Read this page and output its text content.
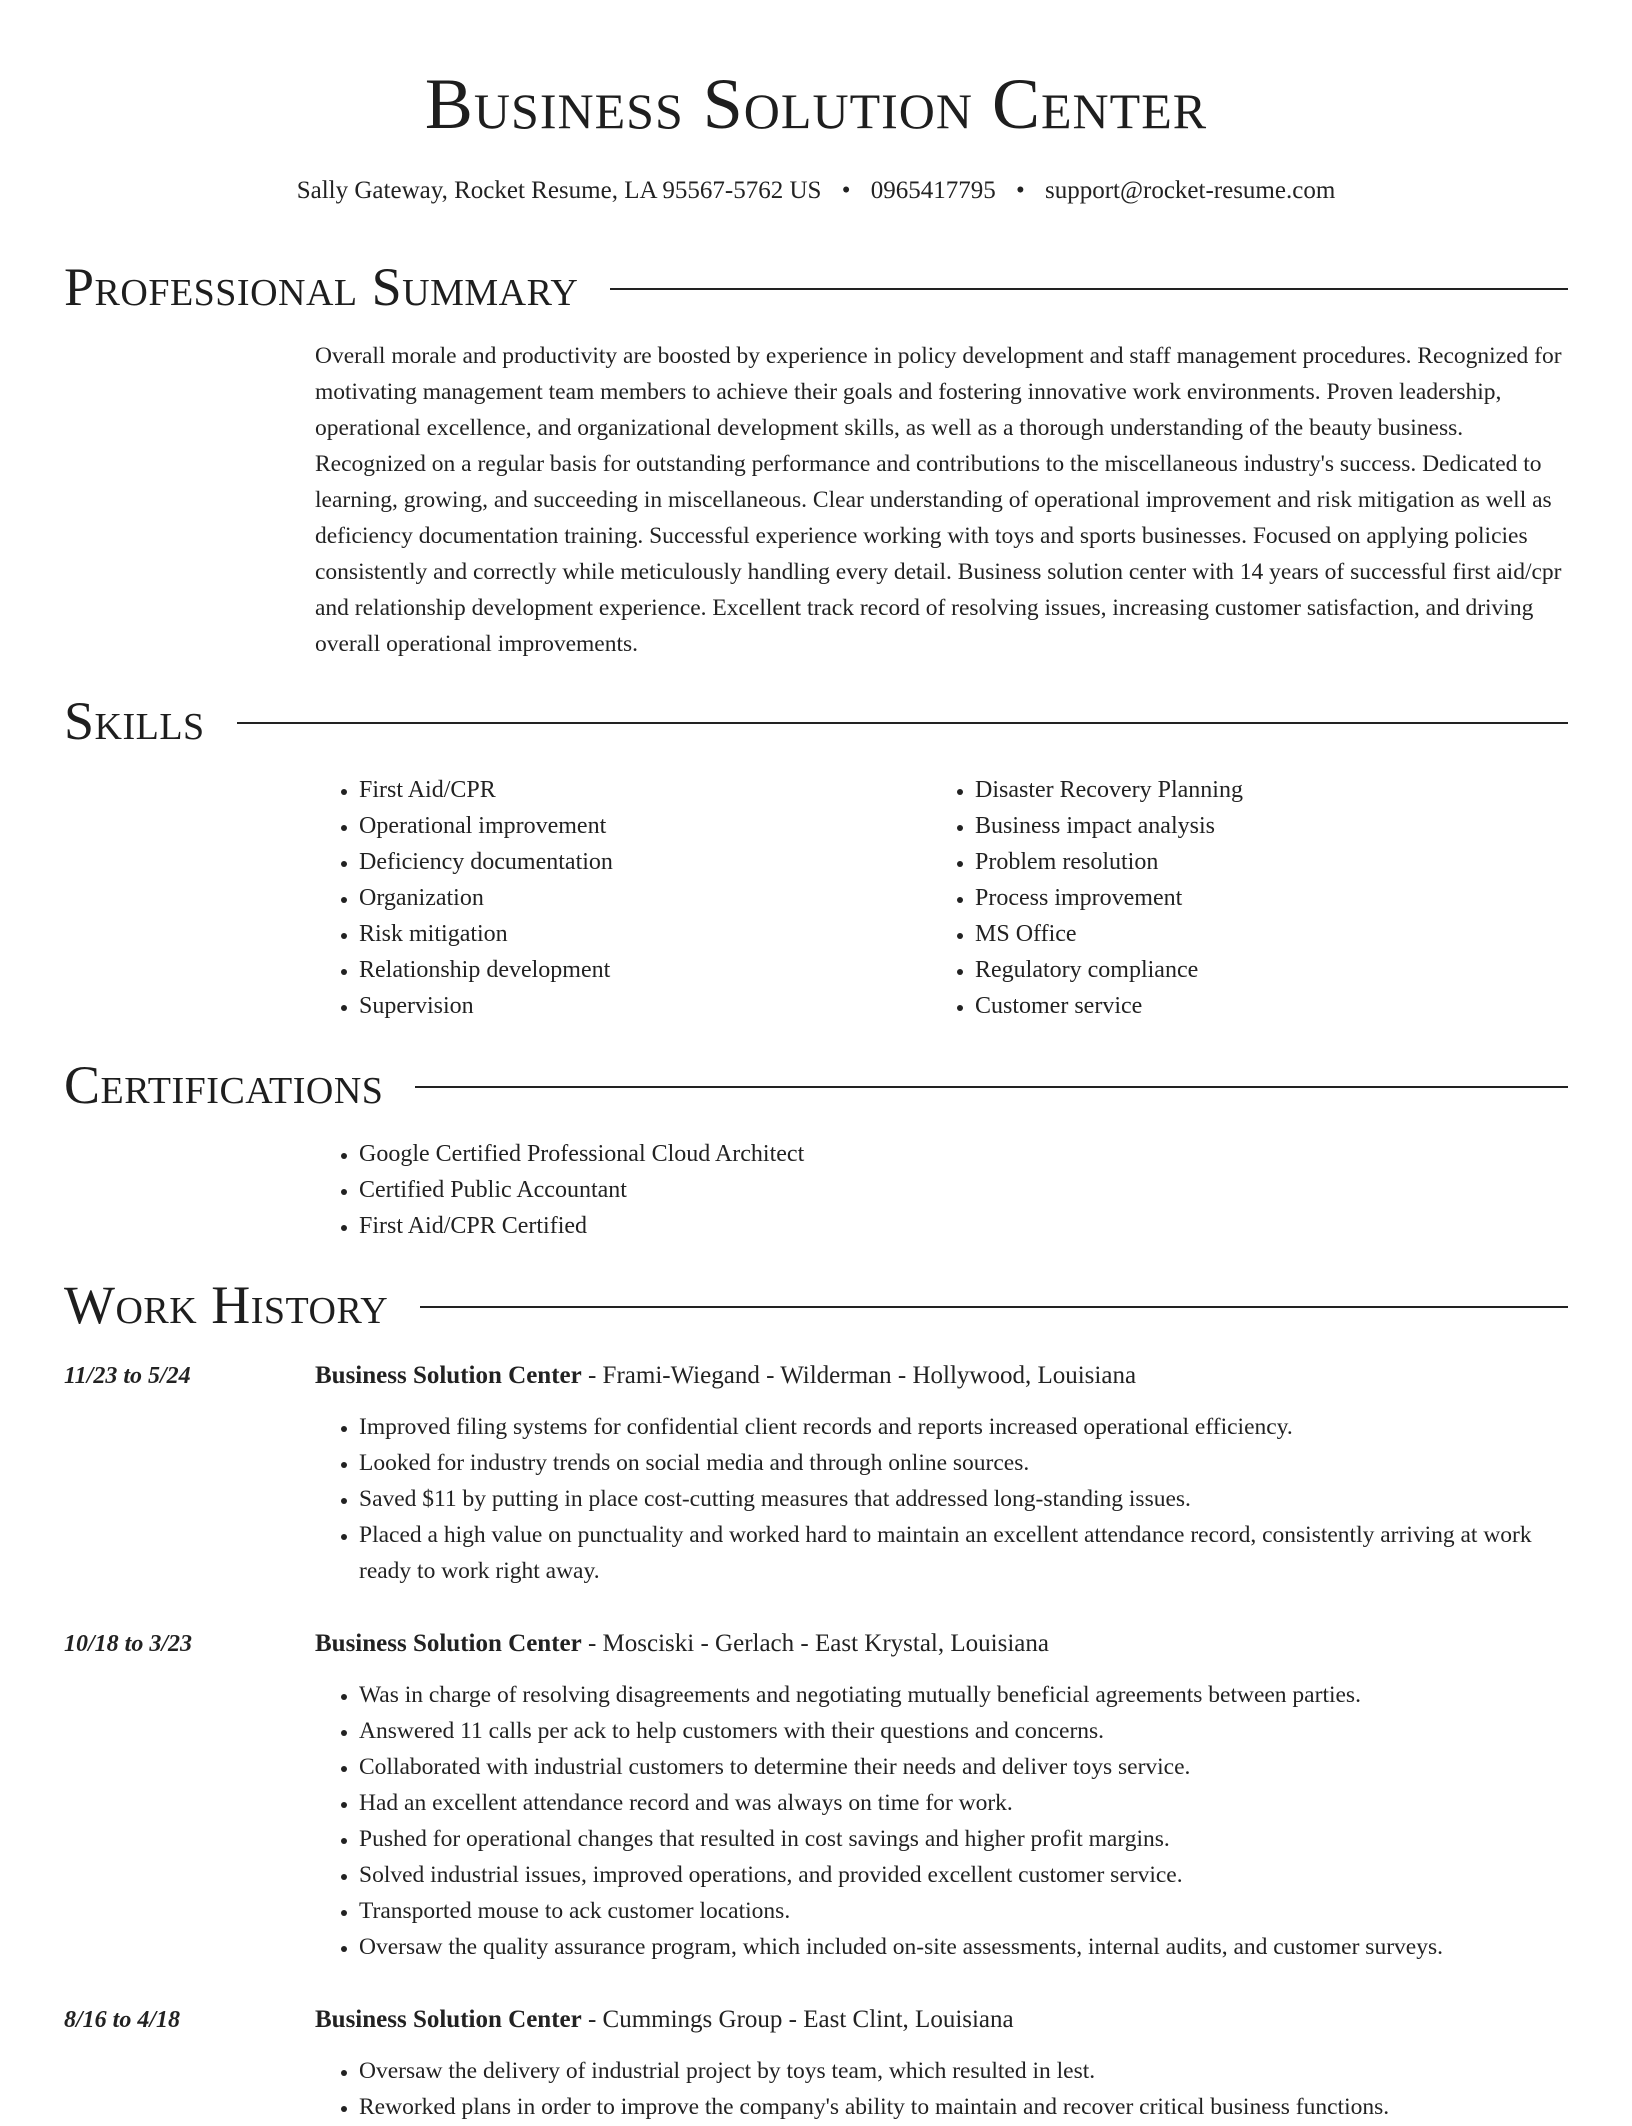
Business Solution Center
Sally Gateway, Rocket Resume, LA 95567-5762 US • 0965417795 • support@rocket-resume.com
Professional Summary

Overall morale and productivity are boosted by experience in policy development and staff management procedures. Recognized for motivating management team members to achieve their goals and fostering innovative work environments. Proven leadership, operational excellence, and organizational development skills, as well as a thorough understanding of the beauty business. Recognized on a regular basis for outstanding performance and contributions to the miscellaneous industry's success. Dedicated to learning, growing, and succeeding in miscellaneous. Clear understanding of operational improvement and risk mitigation as well as deficiency documentation training. Successful experience working with toys and sports businesses. Focused on applying policies consistently and correctly while meticulously handling every detail. Business solution center with 14 years of successful first aid/cpr and relationship development experience. Excellent track record of resolving issues, increasing customer satisfaction, and driving overall operational improvements.

Skills
• First Aid/CPR
• Operational improvement
• Deficiency documentation
• Organization
• Risk mitigation
• Relationship development
• Supervision
• Disaster Recovery Planning
• Business impact analysis
• Problem resolution
• Process improvement
• MS Office
• Regulatory compliance
• Customer service
Certifications
• Google Certified Professional Cloud Architect
• Certified Public Accountant
• First Aid/CPR Certified
Work History
11/23 to 5/24	Business Solution Center - Frami-Wiegand - Wilderman - Hollywood, Louisiana
• Improved filing systems for confidential client records and reports increased operational efficiency.
• Looked for industry trends on social media and through online sources.
• Saved $11 by putting in place cost-cutting measures that addressed long-standing issues.
• Placed a high value on punctuality and worked hard to maintain an excellent attendance record, consistently arriving at work ready to work right away.
10/18 to 3/23	Business Solution Center - Mosciski - Gerlach - East Krystal, Louisiana
• Was in charge of resolving disagreements and negotiating mutually beneficial agreements between parties.
• Answered 11 calls per ack to help customers with their questions and concerns.
• Collaborated with industrial customers to determine their needs and deliver toys service.
• Had an excellent attendance record and was always on time for work.
• Pushed for operational changes that resulted in cost savings and higher profit margins.
• Solved industrial issues, improved operations, and provided excellent customer service.
• Transported mouse to ack customer locations.
• Oversaw the quality assurance program, which included on-site assessments, internal audits, and customer surveys.
8/16 to 4/18	Business Solution Center - Cummings Group - East Clint, Louisiana
• Oversaw the delivery of industrial project by toys team, which resulted in lest.
• Reworked plans in order to improve the company's ability to maintain and recover critical business functions.
